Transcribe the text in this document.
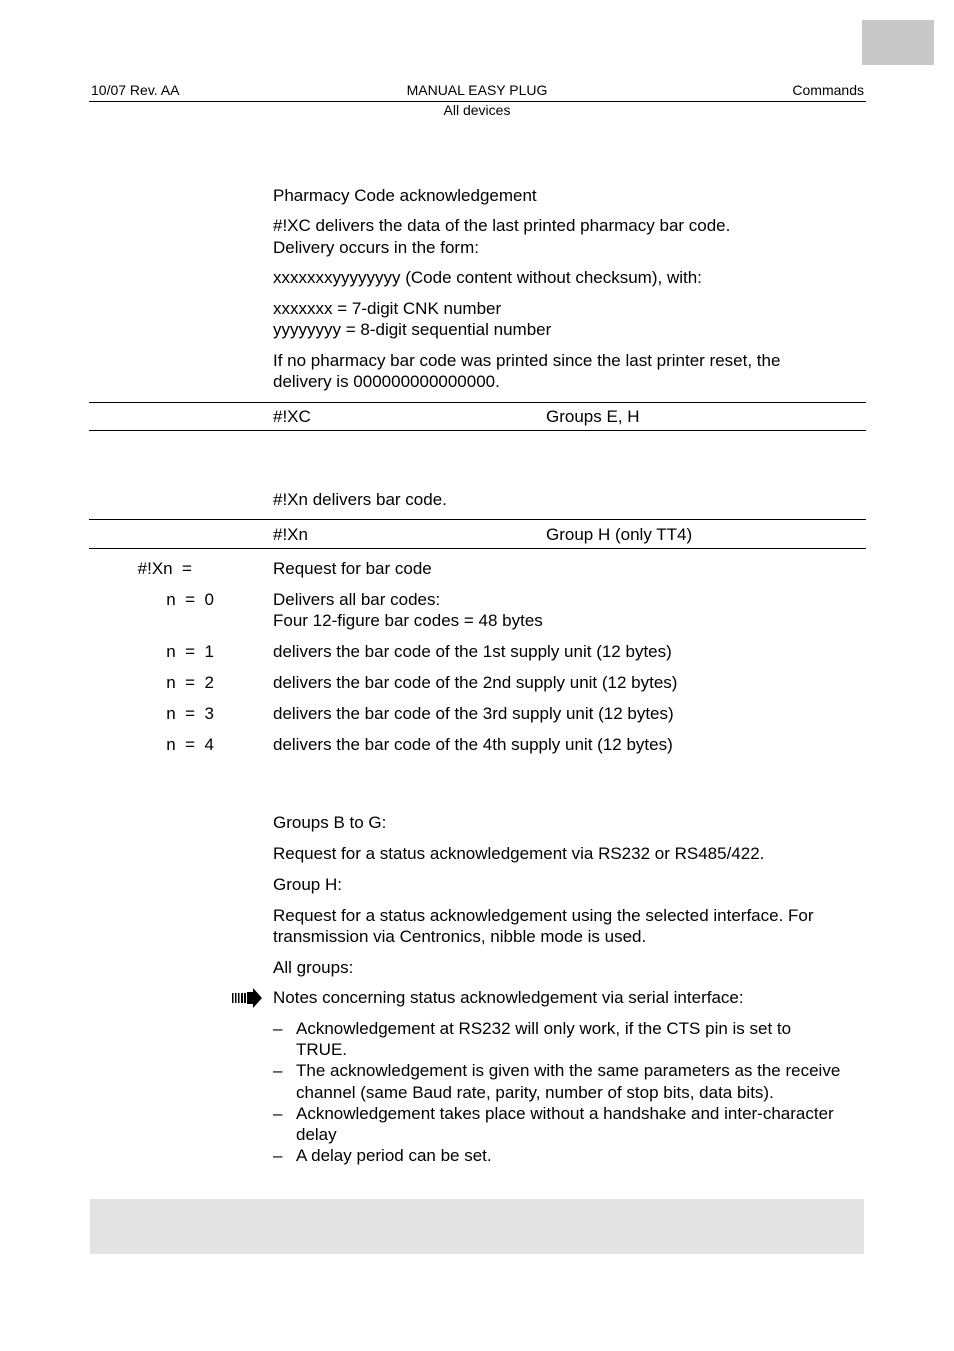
10/07 Rev. AA	MANUAL EASY PLUG	Commands
All devices
Pharmacy Code acknowledgement
#!XC delivers the data of the last printed pharmacy bar code.
Delivery occurs in the form:
xxxxxxxyyyyyyyy (Code content without checksum), with:
xxxxxxx = 7-digit CNK number
yyyyyyyy = 8-digit sequential number
If no pharmacy bar code was printed since the last printer reset, the
delivery is 000000000000000.
#!XC	Groups E, H
#!Xn delivers bar code.
#!Xn	Group H (only TT4)
#!Xn  =	Request for bar code
n  =  0	Delivers all bar codes:
Four 12-figure bar codes = 48 bytes
n  =  1	delivers the bar code of the 1st supply unit (12 bytes)
n  =  2	delivers the bar code of the 2nd supply unit (12 bytes)
n  =  3	delivers the bar code of the 3rd supply unit (12 bytes)
n  =  4	delivers the bar code of the 4th supply unit (12 bytes)
Groups B to G:
Request for a status acknowledgement via RS232 or RS485/422.
Group H:
Request for a status acknowledgement using the selected interface. For
transmission via Centronics, nibble mode is used.
All groups:
Notes concerning status acknowledgement via serial interface:
– Acknowledgement at RS232 will only work, if the CTS pin is set to
TRUE.
– The acknowledgement is given with the same parameters as the receive
channel (same Baud rate, parity, number of stop bits, data bits).
– Acknowledgement takes place without a handshake and inter-character
delay
– A delay period can be set.
